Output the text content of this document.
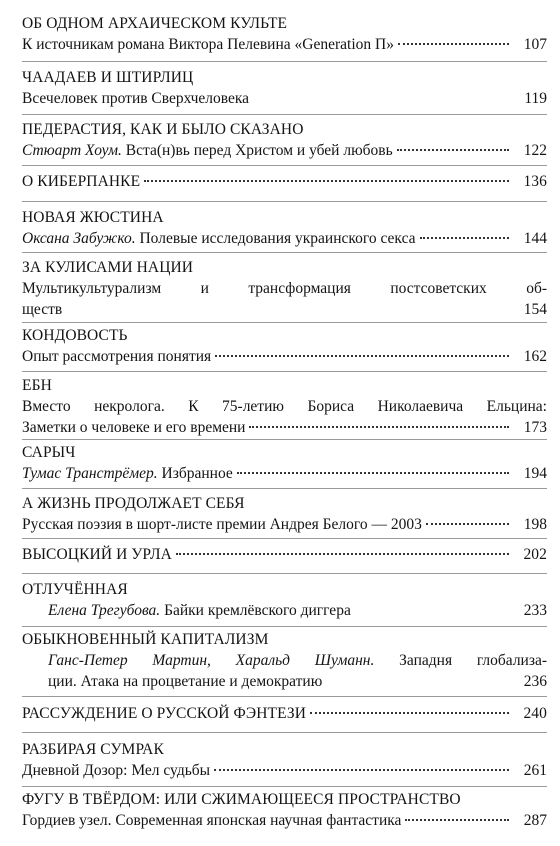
ОБ ОДНОМ АРХАИЧЕСКОМ КУЛЬТЕ
К источникам романа Виктора Пелевина «Generation П»	107
ЧААДАЕВ И ШТИРЛИЦ
Всечеловек против Сверхчеловека	119
ПЕДЕРАСТИЯ, КАК И БЫЛО СКАЗАНО
Стюарт Хоум. Вста(н)вь перед Христом и убей любовь	122
О КИБЕРПАНКЕ	136
НОВАЯ ЖЮСТИНА
Оксана Забужко. Полевые исследования украинского секса	144
ЗА КУЛИСАМИ НАЦИИ
Мультикультурализм и трансформация постсоветских об-
ществ	154
КОНДОВОСТЬ
Опыт рассмотрения понятия	162
ЕБН
Вместо некролога. К 75-летию Бориса Николаевича Ельцина:
Заметки о человеке и его времени	173
САРЫЧ
Тумас Транстрёмер. Избранное	194
А ЖИЗНЬ ПРОДОЛЖАЕТ СЕБЯ
Русская поэзия в шорт-листе премии Андрея Белого — 2003	198
ВЫСОЦКИЙ И УРЛА	202
ОТЛУЧЁННАЯ
Елена Трегубова. Байки кремлёвского диггера	233
ОБЫКНОВЕННЫЙ КАПИТАЛИЗМ
Ганс-Петер Мартин, Харальд Шуманн. Западня глобализа-
ции. Атака на процветание и демократию	236
РАССУЖДЕНИЕ О РУССКОЙ ФЭНТЕЗИ	240
РАЗБИРАЯ СУМРАК
Дневной Дозор: Мел судьбы	261
ФУГУ В ТВЁРДОМ: ИЛИ СЖИМАЮЩЕЕСЯ ПРОСТРАНСТВО
Гордиев узел. Современная японская научная фантастика	287
